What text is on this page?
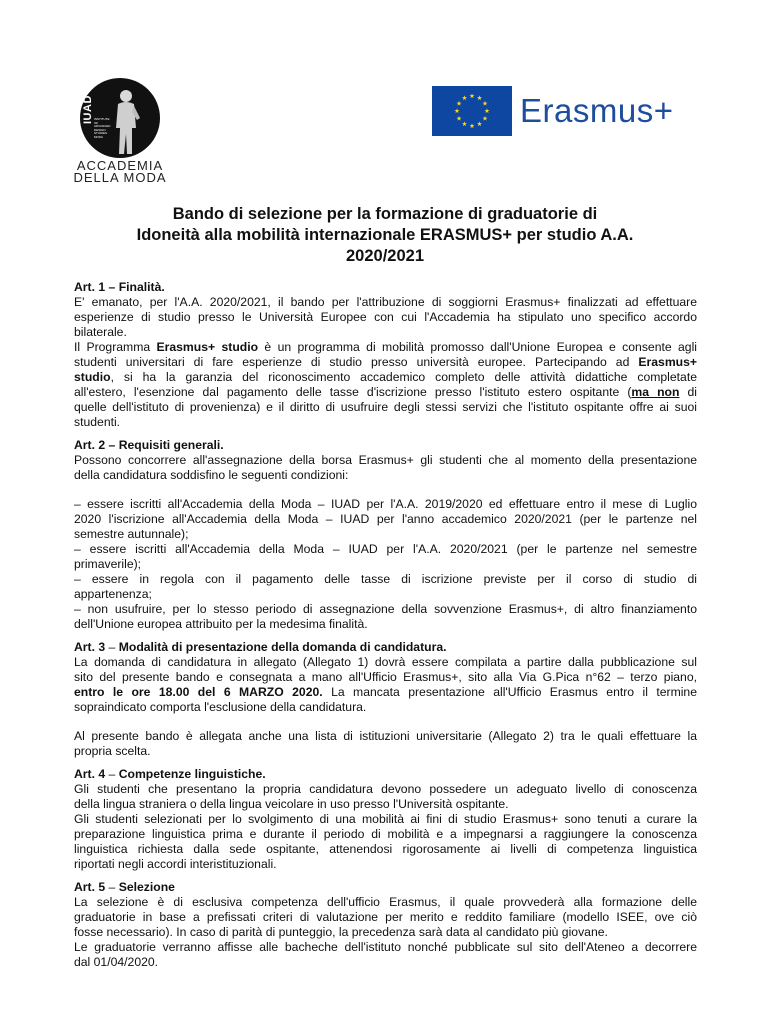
IUAD INSTITUTE
OF ADVANCED
DESIGN
STUDIES
MODA
ACCADEMIA
DELLA MODA
Erasmus+
Bando di selezione per la formazione di graduatorie di
Idoneità alla mobilità internazionale ERASMUS+ per studio A.A.
2020/2021
Art. 1 – Finalità.
E' emanato, per l'A.A. 2020/2021, il bando per l'attribuzione di soggiorni Erasmus+ finalizzati ad effettuare
esperienze di studio presso le Università Europee con cui l'Accademia ha stipulato uno specifico accordo
bilaterale.
Il Programma Erasmus+ studio è un programma di mobilità promosso dall'Unione Europea e consente agli
studenti universitari di fare esperienze di studio presso università europee. Partecipando ad Erasmus+
studio, si ha la garanzia del riconoscimento accademico completo delle attività didattiche completate
all'estero, l'esenzione dal pagamento delle tasse d'iscrizione presso l'istituto estero ospitante (ma non di
quelle dell'istituto di provenienza) e il diritto di usufruire degli stessi servizi che l'istituto ospitante offre ai suoi
studenti.
Art. 2 – Requisiti generali.
Possono concorrere all'assegnazione della borsa Erasmus+ gli studenti che al momento della presentazione
della candidatura soddisfino le seguenti condizioni:
– essere iscritti all'Accademia della Moda – IUAD per l'A.A. 2019/2020 ed effettuare entro il mese di Luglio
2020 l'iscrizione all'Accademia della Moda – IUAD per l'anno accademico 2020/2021 (per le partenze nel
semestre autunnale);
– essere iscritti all'Accademia della Moda – IUAD per l'A.A. 2020/2021 (per le partenze nel semestre
primaverile);
– essere in regola con il pagamento delle tasse di iscrizione previste per il corso di studio di
appartenenza;
– non usufruire, per lo stesso periodo di assegnazione della sovvenzione Erasmus+, di altro finanziamento
dell'Unione europea attribuito per la medesima finalità.
Art. 3 – Modalità di presentazione della domanda di candidatura.
La domanda di candidatura in allegato (Allegato 1) dovrà essere compilata a partire dalla pubblicazione sul
sito del presente bando e consegnata a mano all'Ufficio Erasmus+, sito alla Via G.Pica n°62 – terzo piano,
entro le ore 18.00 del 6 MARZO 2020. La mancata presentazione all'Ufficio Erasmus entro il termine
sopraindicato comporta l'esclusione della candidatura.
Al presente bando è allegata anche una lista di istituzioni universitarie (Allegato 2) tra le quali effettuare la
propria scelta.
Art. 4 – Competenze linguistiche.
Gli studenti che presentano la propria candidatura devono possedere un adeguato livello di conoscenza
della lingua straniera o della lingua veicolare in uso presso l'Università ospitante.
Gli studenti selezionati per lo svolgimento di una mobilità ai fini di studio Erasmus+ sono tenuti a curare la
preparazione linguistica prima e durante il periodo di mobilità e a impegnarsi a raggiungere la conoscenza
linguistica richiesta dalla sede ospitante, attenendosi rigorosamente ai livelli di competenza linguistica
riportati negli accordi interistituzionali.
Art. 5 – Selezione
La selezione è di esclusiva competenza dell'ufficio Erasmus, il quale provvederà alla formazione delle
graduatorie in base a prefissati criteri di valutazione per merito e reddito familiare (modello ISEE, ove ciò
fosse necessario). In caso di parità di punteggio, la precedenza sarà data al candidato più giovane.
Le graduatorie verranno affisse alle bacheche dell'istituto nonché pubblicate sul sito dell'Ateneo a decorrere
dal 01/04/2020.
